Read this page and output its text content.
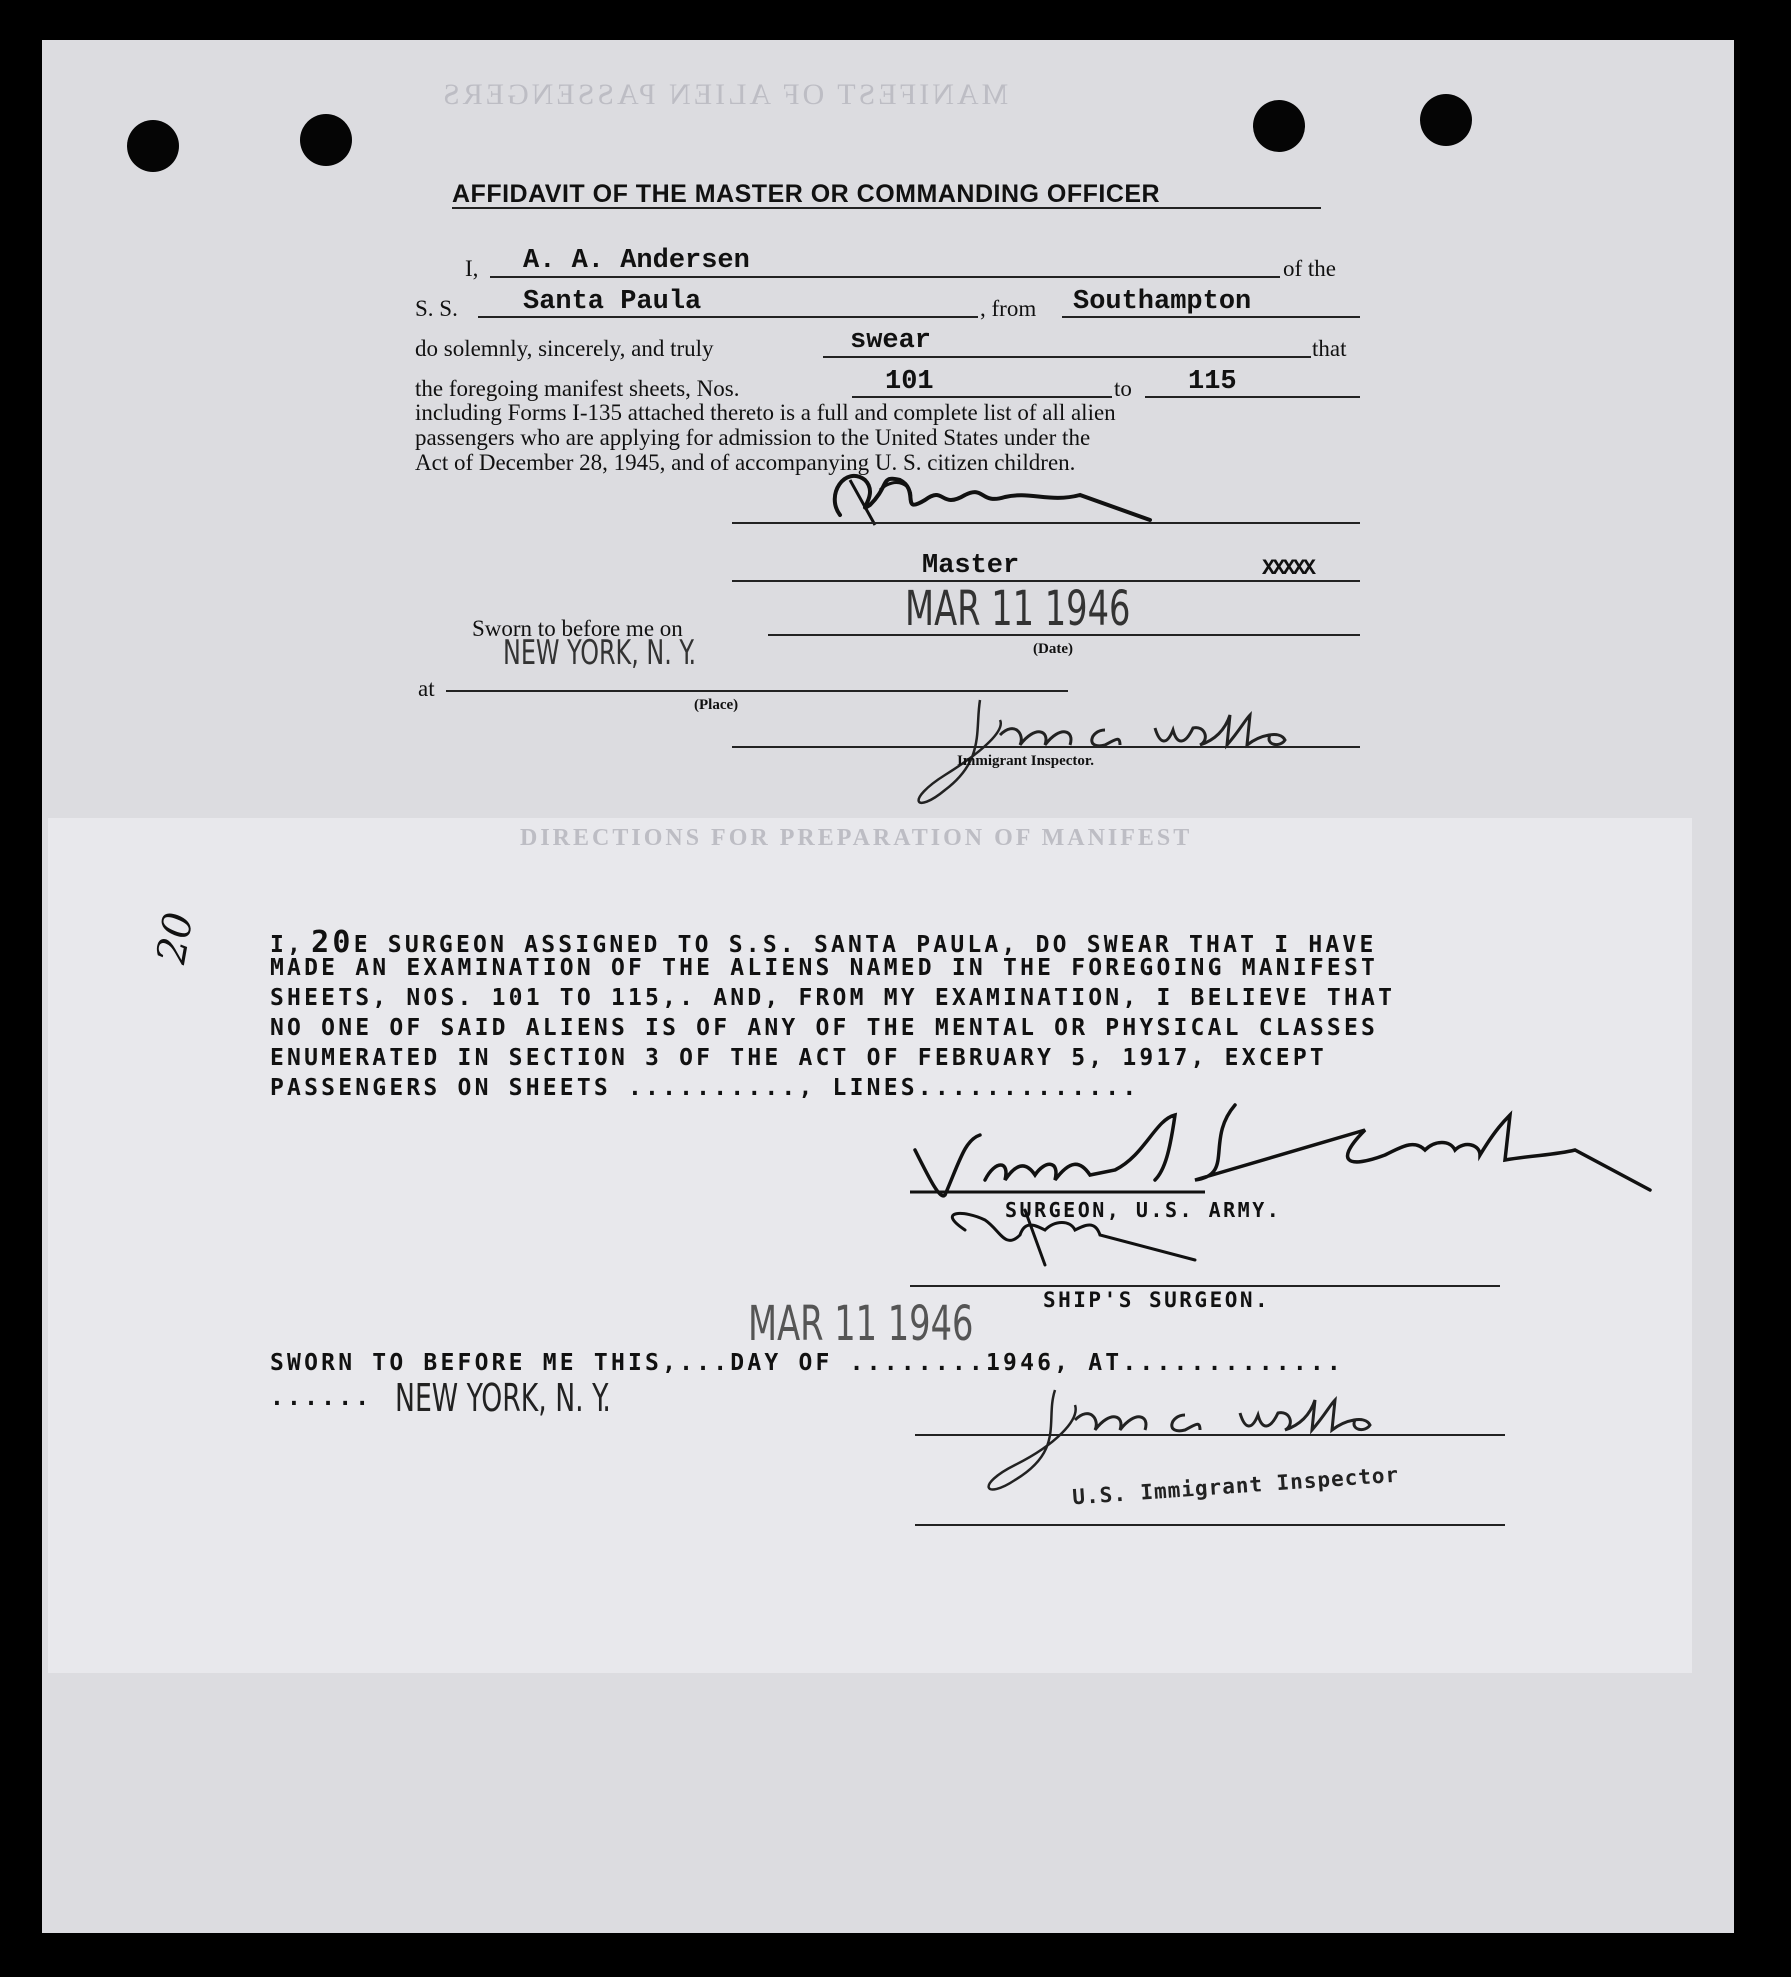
MANIFEST OF ALIEN PASSENGERS
AFFIDAVIT OF THE MASTER OR COMMANDING OFFICER
I, A. A. Andersen	of the
S. S. Santa Paula	, from Southampton
do solemnly, sincerely, and truly	swear	that
the foregoing manifest sheets, Nos.	101	to 115
including Forms I-135 attached thereto is a full and complete list of all alien
passengers who are applying for admission to the United States under the
Act of December 28, 1945, and of accompanying U. S. citizen children.
Master	XXXXX
Sworn to before me on	MAR 11 1946
(Date)
NEW YORK, N. Y.
at
(Place)
Immigrant Inspector.
DIRECTIONS FOR PREPARATION OF MANIFEST
20	I, 20E SURGEON ASSIGNED TO S.S. SANTA PAULA, DO SWEAR THAT I HAVE
MADE AN EXAMINATION OF THE ALIENS NAMED IN THE FOREGOING MANIFEST
SHEETS, NOS. 101 TO 115,. AND, FROM MY EXAMINATION, I BELIEVE THAT
NO ONE OF SAID ALIENS IS OF ANY OF THE MENTAL OR PHYSICAL CLASSES
ENUMERATED IN SECTION 3 OF THE ACT OF FEBRUARY 5, 1917, EXCEPT
PASSENGERS ON SHEETS .........., LINES.............
SURGEON, U.S. ARMY.
SHIP'S SURGEON.
MAR 11 1946
SWORN TO BEFORE ME THIS,...DAY OF ........1946, AT.............
...... NEW YORK, N. Y.
U.S. Immigrant Inspector
